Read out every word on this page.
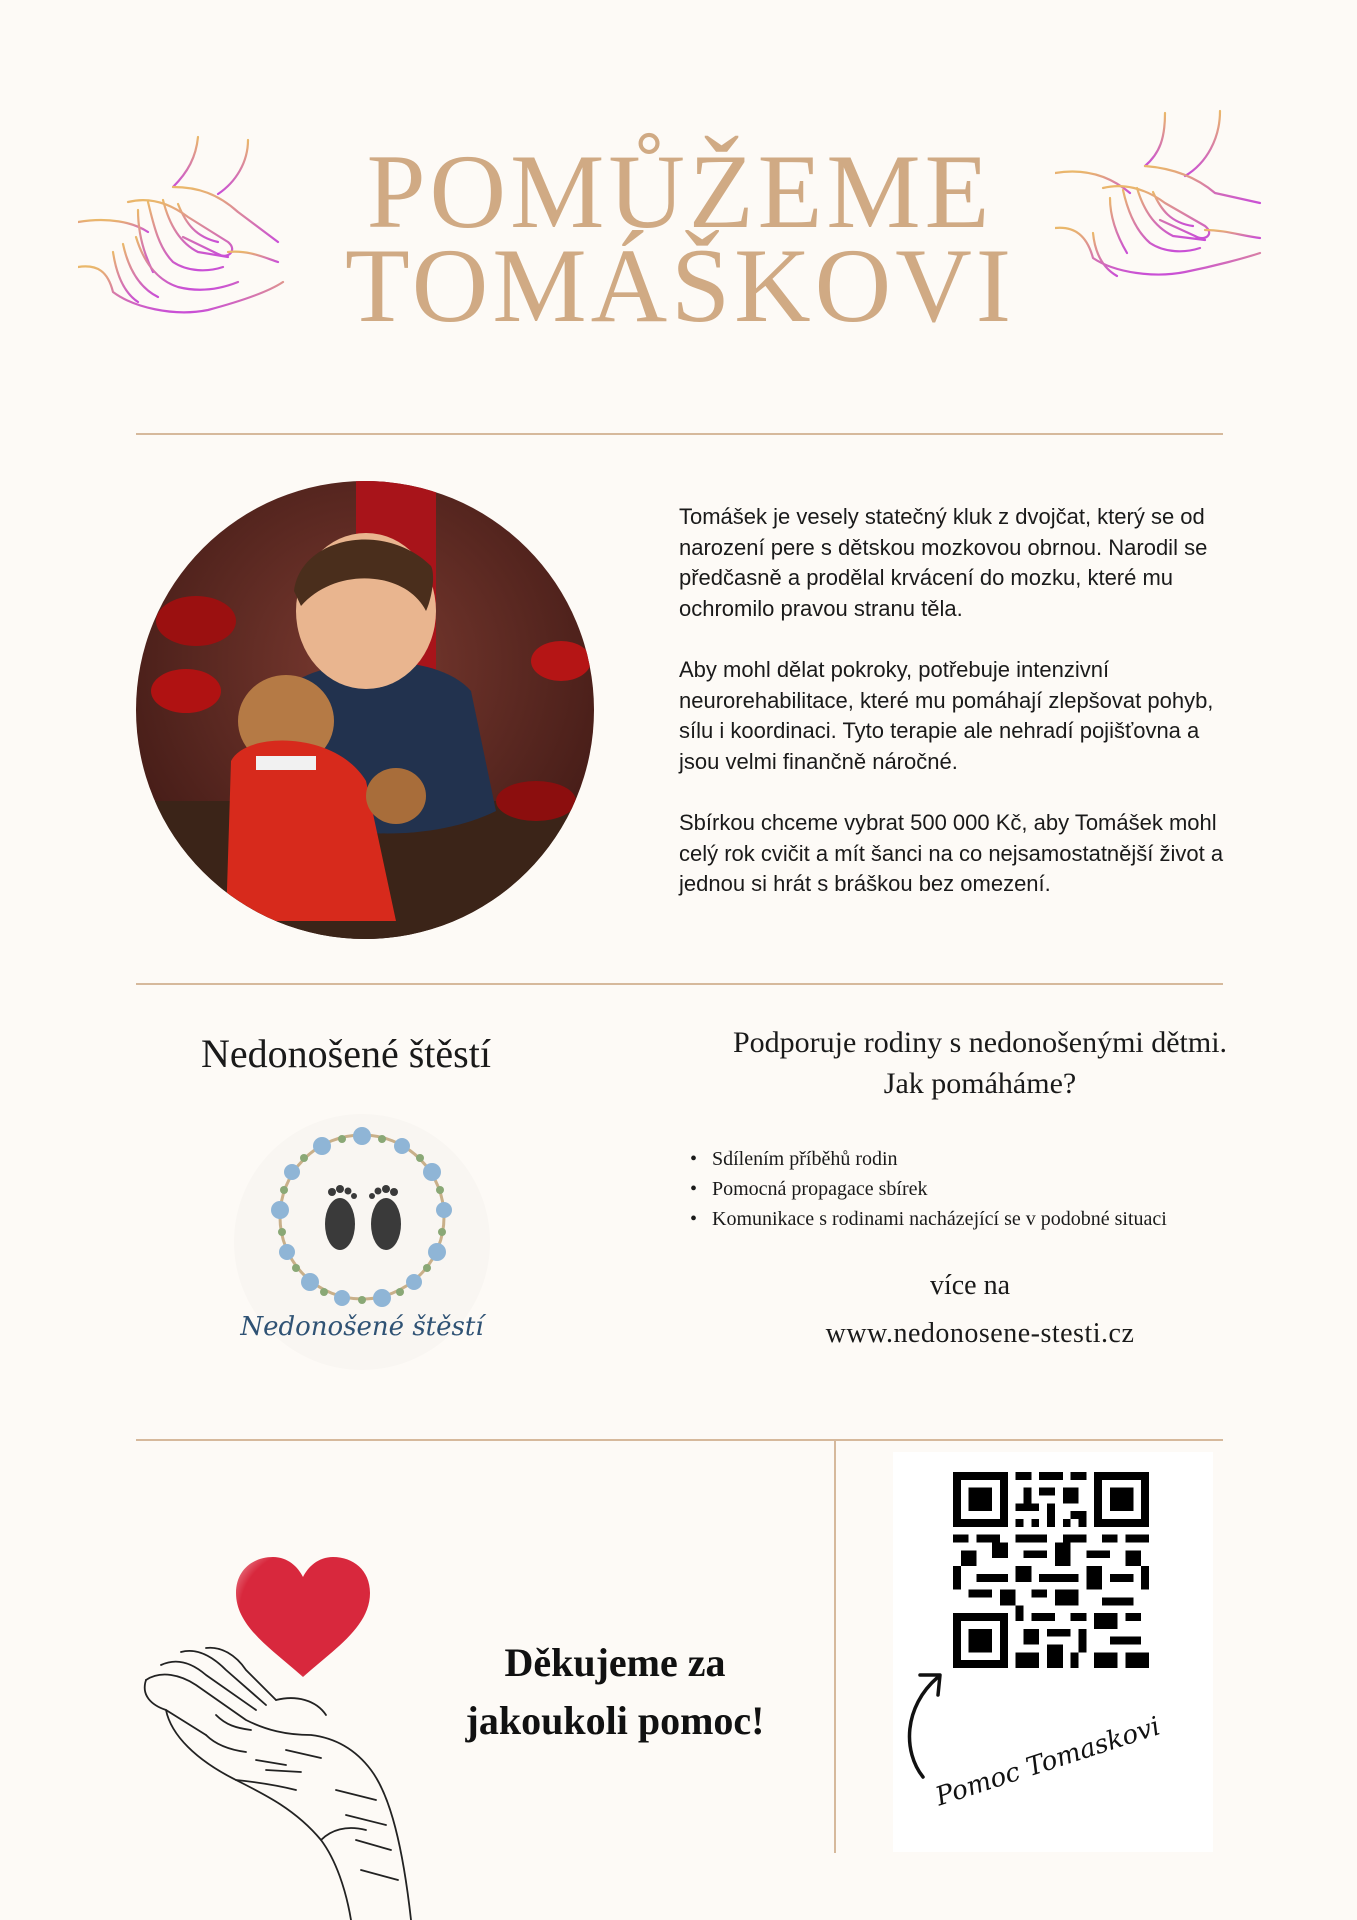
POMŮŽEME
TOMÁŠKOVI

Tomášek je vesely statečný kluk z dvojčat, který se od narození pere s dětskou mozkovou obrnou. Narodil se předčasně a prodělal krvácení do mozku, které mu ochromilo pravou stranu těla.

Aby mohl dělat pokroky, potřebuje intenzivní neurorehabilitace, které mu pomáhají zlepšovat pohyb, sílu i koordinaci. Tyto terapie ale nehradí pojišťovna a jsou velmi finančně náročné.

Sbírkou chceme vybrat 500 000 Kč, aby Tomášek mohl celý rok cvičit a mít šanci na co nejsamostatnější život a jednou si hrát s bráškou bez omezení.

Nedonošené štěstí
Nedonošené štěstí
Podporuje rodiny s nedonošenými dětmi.
Jak pomáháme?
• Sdílením příběhů rodin
• Pomocná propagace sbírek
• Komunikace s rodinami nacházející se v podobné situaci
více na
www.nedonosene-stesti.cz
Děkujeme za
jakoukoli pomoc!	Pomoc Tomaskovi
